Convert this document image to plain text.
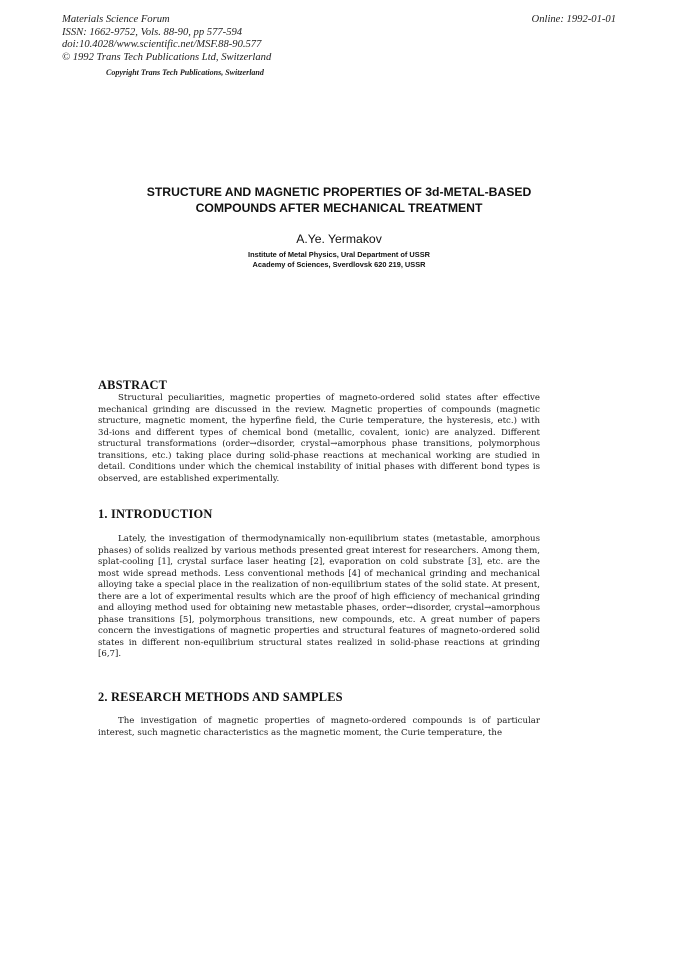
Materials Science Forum
ISSN: 1662-9752, Vols. 88-90, pp 577-594
doi:10.4028/www.scientific.net/MSF.88-90.577
© 1992 Trans Tech Publications Ltd, Switzerland
Online: 1992-01-01
Copyright Trans Tech Publications, Switzerland
STRUCTURE AND MAGNETIC PROPERTIES OF 3d-METAL-BASED
COMPOUNDS AFTER MECHANICAL TREATMENT
A.Ye. Yermakov
Institute of Metal Physics, Ural Department of USSR
Academy of Sciences, Sverdlovsk 620 219, USSR
ABSTRACT
Structural peculiarities, magnetic properties of magneto-ordered solid states after effective mechanical grinding are discussed in the review. Magnetic properties of compounds (magnetic structure, magnetic moment, the hyperfine field, the Curie temperature, the hysteresis, etc.) with 3d-ions and different types of chemical bond (metallic, covalent, ionic) are analyzed. Different structural transformations (order→disorder, crystal→amorphous phase transitions, polymorphous transitions, etc.) taking place during solid-phase reactions at mechanical working are studied in detail. Conditions under which the chemical instability of initial phases with different bond types is observed, are established experimentally.
1. INTRODUCTION
Lately, the investigation of thermodynamically non-equilibrium states (metastable, amorphous phases) of solids realized by various methods presented great interest for researchers. Among them, splat-cooling [1], crystal surface laser heating [2], evaporation on cold substrate [3], etc. are the most wide spread methods. Less conventional methods [4] of mechanical grinding and mechanical alloying take a special place in the realization of non-equilibrium states of the solid state. At present, there are a lot of experimental results which are the proof of high efficiency of mechanical grinding and alloying method used for obtaining new metastable phases, order→disorder, crystal→amorphous phase transitions [5], polymorphous transitions, new compounds, etc. A great number of papers concern the investigations of magnetic properties and structural features of magneto-ordered solid states in different non-equilibrium structural states realized in solid-phase reactions at grinding [6,7].
2. RESEARCH METHODS AND SAMPLES
The investigation of magnetic properties of magneto-ordered compounds is of particular interest, such magnetic characteristics as the magnetic moment, the Curie temperature, the
